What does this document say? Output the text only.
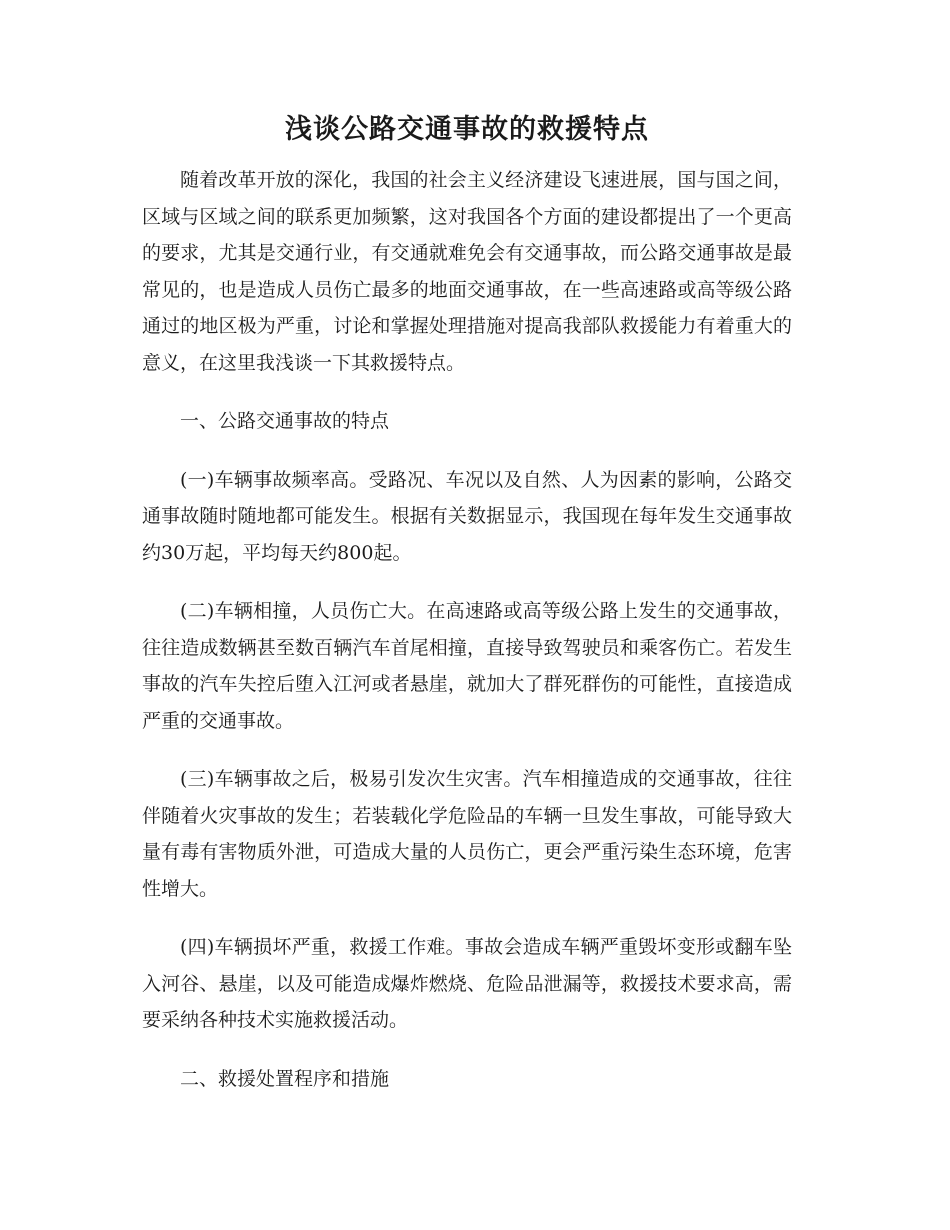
浅谈公路交通事故的救援特点

随着改革开放的深化，我国的社会主义经济建设飞速进展，国与国之间，区域与区域之间的联系更加频繁，这对我国各个方面的建设都提出了一个更高的要求，尤其是交通行业，有交通就难免会有交通事故，而公路交通事故是最常见的，也是造成人员伤亡最多的地面交通事故，在一些高速路或高等级公路通过的地区极为严重，讨论和掌握处理措施对提高我部队救援能力有着重大的意义，在这里我浅谈一下其救援特点。

一、公路交通事故的特点

(一)车辆事故频率高。受路况、车况以及自然、人为因素的影响，公路交通事故随时随地都可能发生。根据有关数据显示，我国现在每年发生交通事故约30万起，平均每天约800起。

(二)车辆相撞，人员伤亡大。在高速路或高等级公路上发生的交通事故，往往造成数辆甚至数百辆汽车首尾相撞，直接导致驾驶员和乘客伤亡。若发生事故的汽车失控后堕入江河或者悬崖，就加大了群死群伤的可能性，直接造成严重的交通事故。

(三)车辆事故之后，极易引发次生灾害。汽车相撞造成的交通事故，往往伴随着火灾事故的发生；若装载化学危险品的车辆一旦发生事故，可能导致大量有毒有害物质外泄，可造成大量的人员伤亡，更会严重污染生态环境，危害性增大。

(四)车辆损坏严重，救援工作难。事故会造成车辆严重毁坏变形或翻车坠入河谷、悬崖，以及可能造成爆炸燃烧、危险品泄漏等，救援技术要求高，需要采纳各种技术实施救援活动。

二、救援处置程序和措施
